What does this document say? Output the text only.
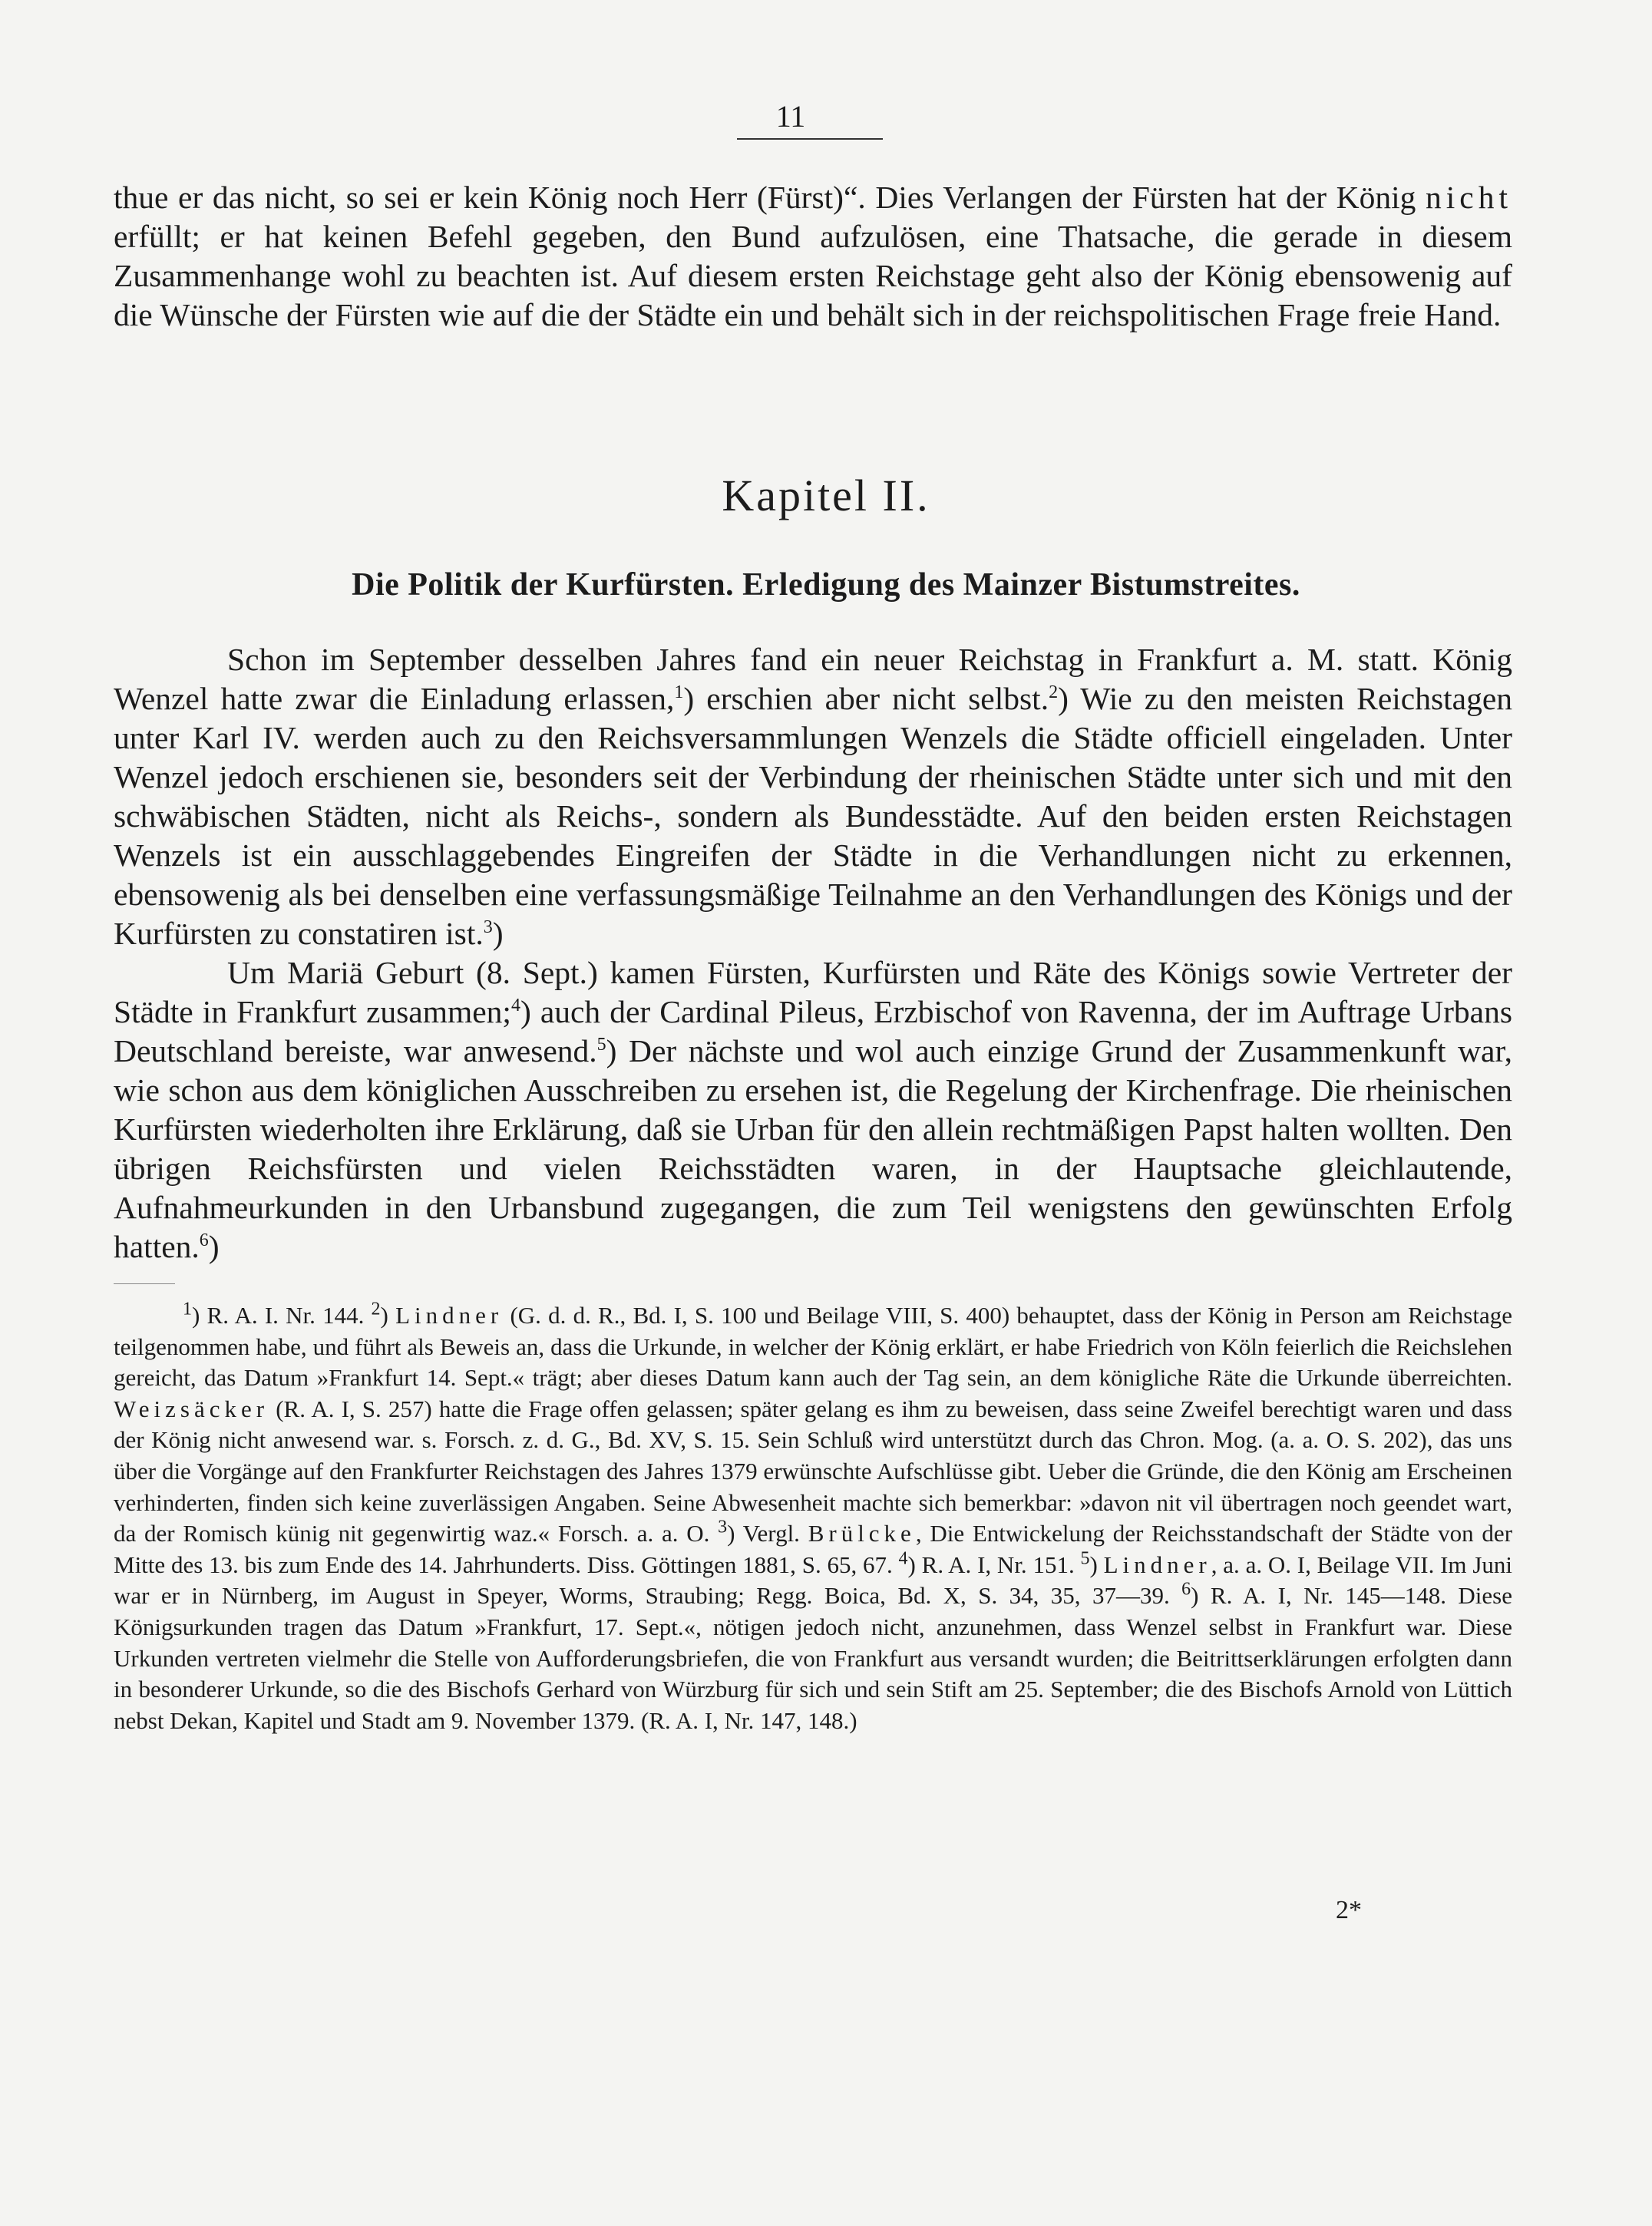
11

thue er das nicht, so sei er kein König noch Herr (Fürst)“. Dies Verlangen der Fürsten hat der König nicht erfüllt; er hat keinen Befehl gegeben, den Bund aufzulösen, eine Thatsache, die gerade in diesem Zusammenhange wohl zu beachten ist. Auf diesem ersten Reichstage geht also der König ebensowenig auf die Wünsche der Fürsten wie auf die der Städte ein und behält sich in der reichspolitischen Frage freie Hand.

Kapitel II.
Die Politik der Kurfürsten. Erledigung des Mainzer Bistumstreites.

Schon im September desselben Jahres fand ein neuer Reichstag in Frankfurt a. M. statt. König Wenzel hatte zwar die Einladung erlassen,$^1$) erschien aber nicht selbst.$^2$) Wie zu den meisten Reichstagen unter Karl IV. werden auch zu den Reichsversammlungen Wenzels die Städte officiell eingeladen. Unter Wenzel jedoch erschienen sie, besonders seit der Verbindung der rheinischen Städte unter sich und mit den schwäbischen Städten, nicht als Reichs-, sondern als Bundesstädte. Auf den beiden ersten Reichstagen Wenzels ist ein ausschlaggebendes Eingreifen der Städte in die Verhandlungen nicht zu erkennen, ebensowenig als bei denselben eine verfassungsmäßige Teilnahme an den Verhandlungen des Königs und der Kurfürsten zu constatiren ist.$^3$)

Um Mariä Geburt (8. Sept.) kamen Fürsten, Kurfürsten und Räte des Königs sowie Vertreter der Städte in Frankfurt zusammen;$^4$) auch der Cardinal Pileus, Erzbischof von Ravenna, der im Auftrage Urbans Deutschland bereiste, war anwesend.$^5$) Der nächste und wol auch einzige Grund der Zusammenkunft war, wie schon aus dem königlichen Ausschreiben zu ersehen ist, die Regelung der Kirchenfrage. Die rheinischen Kurfürsten wiederholten ihre Erklärung, daß sie Urban für den allein rechtmäßigen Papst halten wollten. Den übrigen Reichsfürsten und vielen Reichsstädten waren, in der Hauptsache gleichlautende, Aufnahmeurkunden in den Urbansbund zugegangen, die zum Teil wenigstens den gewünschten Erfolg hatten.$^6$)

$^1$) R. A. I. Nr. 144. $^2$) Lindner (G. d. d. R., Bd. I, S. 100 und Beilage VIII, S. 400) behauptet, dass der König in Person am Reichstage teilgenommen habe, und führt als Beweis an, dass die Urkunde, in welcher der König erklärt, er habe Friedrich von Köln feierlich die Reichslehen gereicht, das Datum »Frankfurt 14. Sept.« trägt; aber dieses Datum kann auch der Tag sein, an dem königliche Räte die Urkunde überreichten. Weizsäcker (R. A. I, S. 257) hatte die Frage offen gelassen; später gelang es ihm zu beweisen, dass seine Zweifel berechtigt waren und dass der König nicht anwesend war. s. Forsch. z. d. G., Bd. XV, S. 15. Sein Schluß wird unterstützt durch das Chron. Mog. (a. a. O. S. 202), das uns über die Vorgänge auf den Frankfurter Reichstagen des Jahres 1379 erwünschte Aufschlüsse gibt. Ueber die Gründe, die den König am Erscheinen verhinderten, finden sich keine zuverlässigen Angaben. Seine Abwesenheit machte sich bemerkbar: »davon nit vil übertragen noch geendet wart, da der Romisch künig nit gegenwirtig waz.« Forsch. a. a. O. $^3$) Vergl. Brülcke, Die Entwickelung der Reichsstandschaft der Städte von der Mitte des 13. bis zum Ende des 14. Jahrhunderts. Diss. Göttingen 1881, S. 65, 67. $^4$) R. A. I, Nr. 151. $^5$) Lindner, a. a. O. I, Beilage VII. Im Juni war er in Nürnberg, im August in Speyer, Worms, Straubing; Regg. Boica, Bd. X, S. 34, 35, 37—39. $^6$) R. A. I, Nr. 145—148. Diese Königsurkunden tragen das Datum »Frankfurt, 17. Sept.«, nötigen jedoch nicht, anzunehmen, dass Wenzel selbst in Frankfurt war. Diese Urkunden vertreten vielmehr die Stelle von Aufforderungsbriefen, die von Frankfurt aus versandt wurden; die Beitrittserklärungen erfolgten dann in besonderer Urkunde, so die des Bischofs Gerhard von Würzburg für sich und sein Stift am 25. September; die des Bischofs Arnold von Lüttich nebst Dekan, Kapitel und Stadt am 9. November 1379. (R. A. I, Nr. 147, 148.)

2*
